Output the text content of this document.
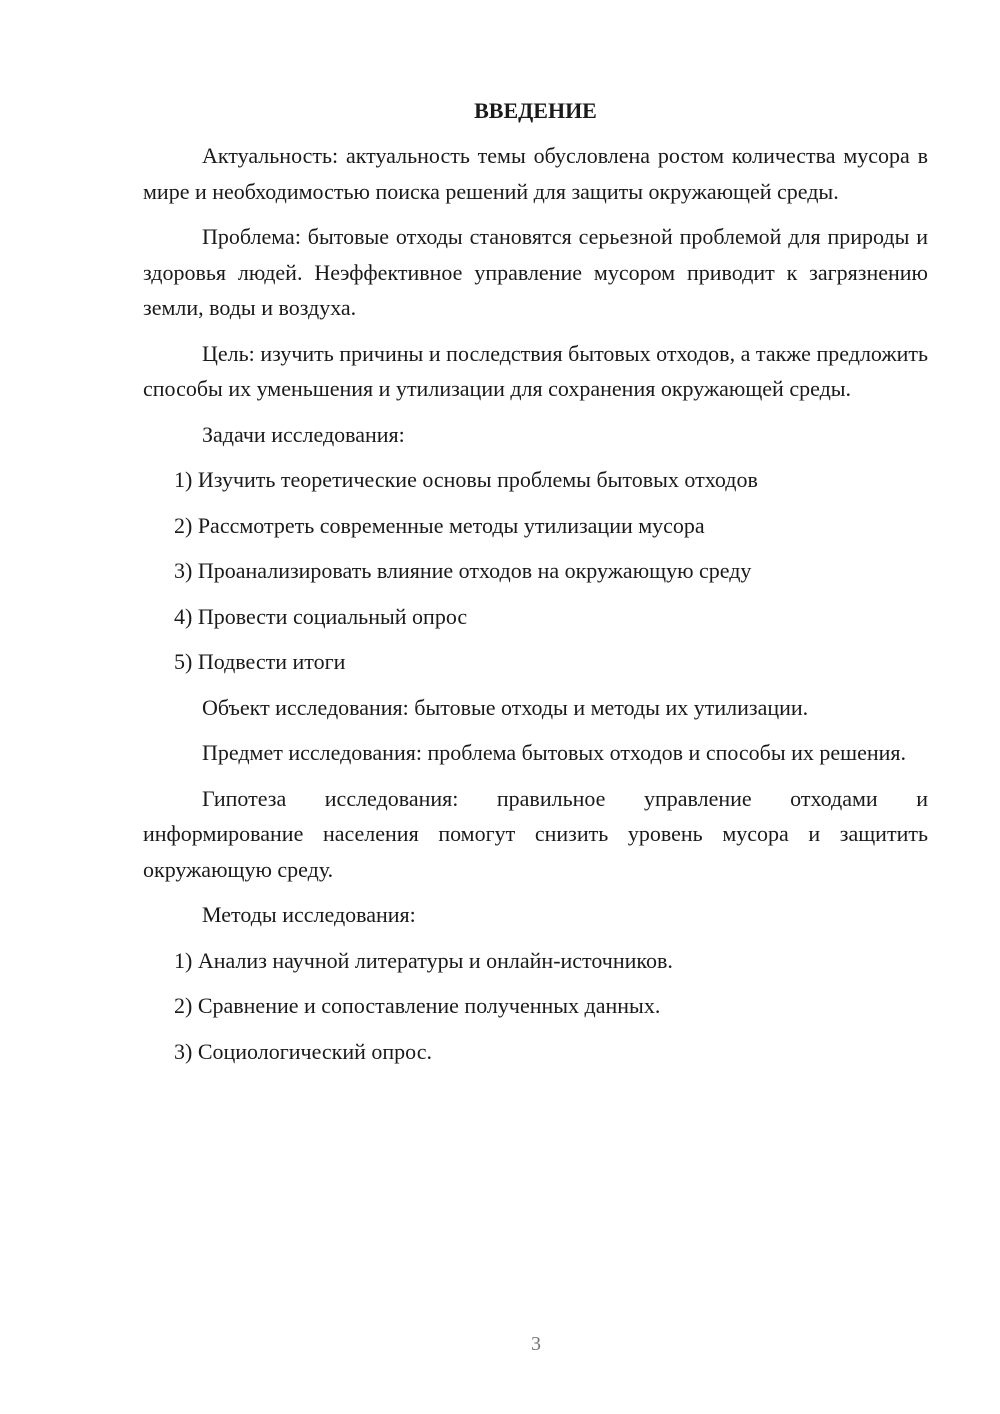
ВВЕДЕНИЕ

Актуальность: актуальность темы обусловлена ростом количества мусора в мире и необходимостью поиска решений для защиты окружающей среды.

Проблема: бытовые отходы становятся серьезной проблемой для природы и здоровья людей. Неэффективное управление мусором приводит к загрязнению земли, воды и воздуха.

Цель: изучить причины и последствия бытовых отходов, а также предложить способы их уменьшения и утилизации для сохранения окружающей среды.

Задачи исследования:

1) Изучить теоретические основы проблемы бытовых отходов
2) Рассмотреть современные методы утилизации мусора
3) Проанализировать влияние отходов на окружающую среду
4) Провести социальный опрос
5) Подвести итоги

Объект исследования: бытовые отходы и методы их утилизации.

Предмет исследования: проблема бытовых отходов и способы их решения.

Гипотеза исследования: правильное управление отходами и информирование населения помогут снизить уровень мусора и защитить окружающую среду.

Методы исследования:

1) Анализ научной литературы и онлайн-источников.
2) Сравнение и сопоставление полученных данных.
3) Социологический опрос.
3
